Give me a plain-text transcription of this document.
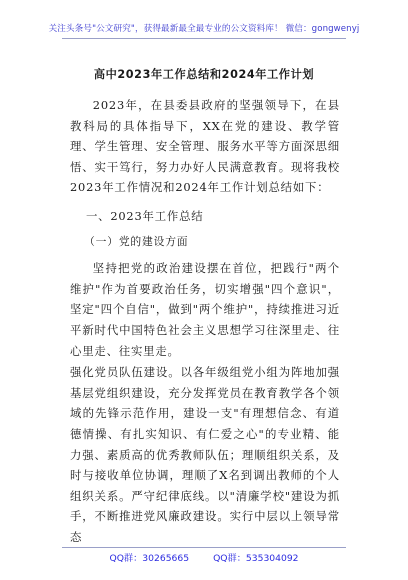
关注头条号"公文研究"，获得最新最全最专业的公文资料库！ 微信：gongwenyj
高中2023年工作总结和2024年工作计划

2023年，在县委县政府的坚强领导下，在县教科局的具体指导下，XX在党的建设、教学管理、学生管理、安全管理、服务水平等方面深思细悟、实干笃行，努力办好人民满意教育。现将我校2023年工作情况和2024年工作计划总结如下：

一、2023年工作总结

（一）党的建设方面

坚持把党的政治建设摆在首位，把践行"两个维护"作为首要政治任务，切实增强"四个意识"，坚定"四个自信"，做到"两个维护"，持续推进习近平新时代中国特色社会主义思想学习往深里走、往心里走、往实里走。

强化党员队伍建设。以各年级组党小组为阵地加强基层党组织建设，充分发挥党员在教育教学各个领域的先锋示范作用，建设一支"有理想信念、有道德情操、有扎实知识、有仁爱之心"的专业精、能力强、素质高的优秀教师队伍；理顺组织关系，及时与接收单位协调，理顺了X名到调出教师的个人组织关系。严守纪律底线。以"清廉学校"建设为抓手，不断推进党风廉政建设。实行中层以上领导常态

QQ群：30265665	QQ群：535304092
